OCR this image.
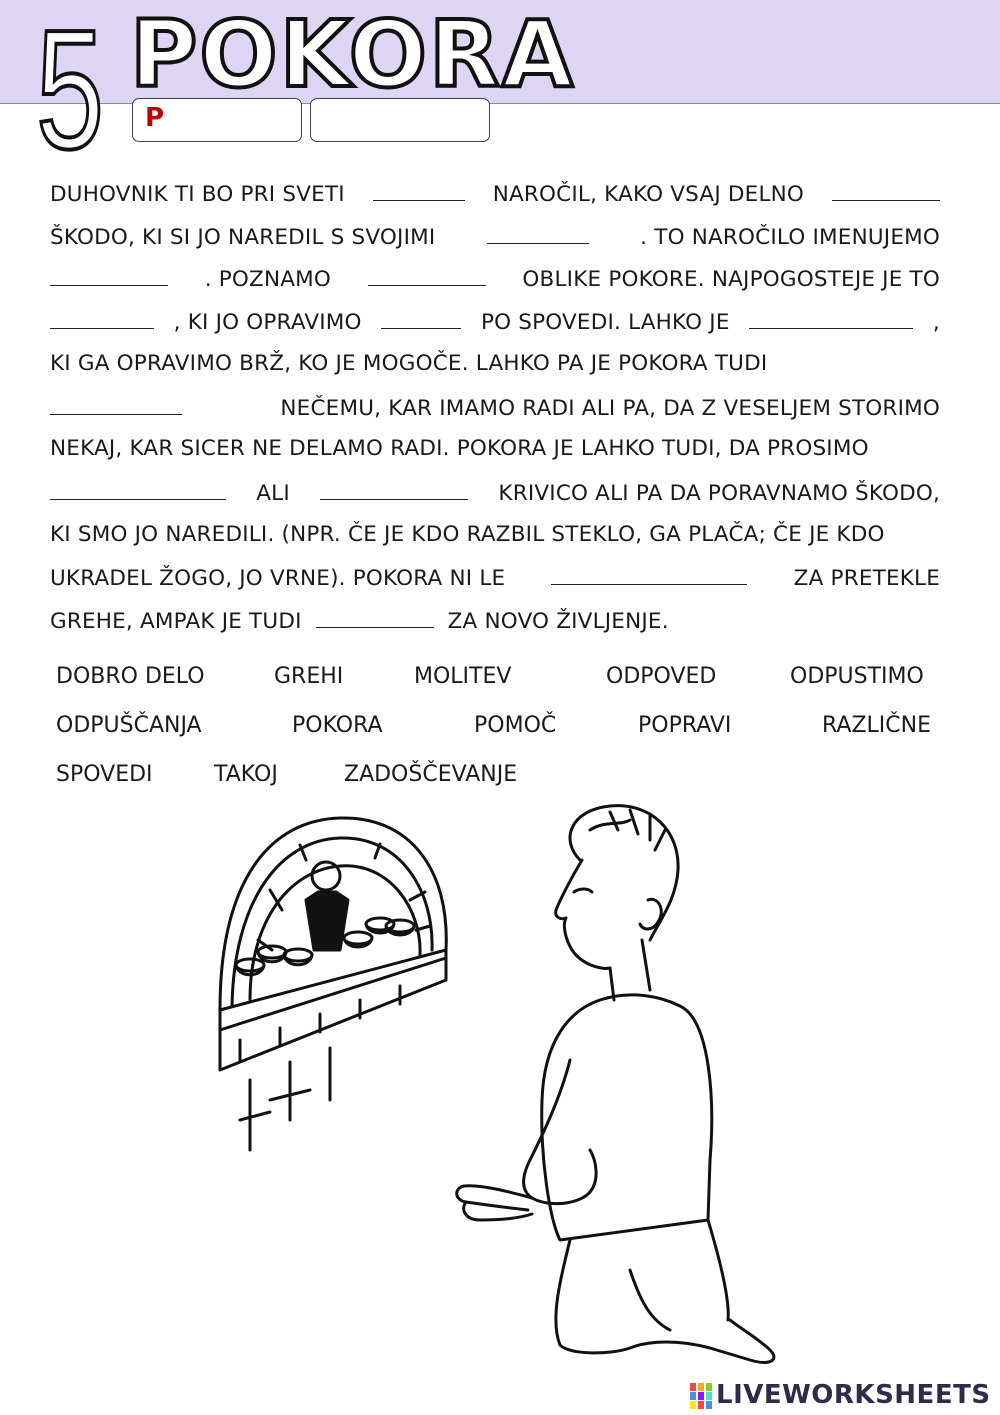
5 POKORA
P
DUHOVNIK TI BO PRI SVETI	NAROČIL, KAKO VSAJ DELNO
ŠKODO, KI SI JO NAREDIL S SVOJIMI	. TO NAROČILO IMENUJEMO
. POZNAMO	OBLIKE POKORE. NAJPOGOSTEJE JE TO
, KI JO OPRAVIMO	PO SPOVEDI. LAHKO JE	,
KI GA OPRAVIMO BRŽ, KO JE MOGOČE. LAHKO PA JE POKORA TUDI
NEČEMU, KAR IMAMO RADI ALI PA, DA Z VESELJEM STORIMO
NEKAJ, KAR SICER NE DELAMO RADI. POKORA JE LAHKO TUDI, DA PROSIMO
ALI	KRIVICO ALI PA DA PORAVNAMO ŠKODO,
KI SMO JO NAREDILI. (NPR. ČE JE KDO RAZBIL STEKLO, GA PLAČA; ČE JE KDO
UKRADEL ŽOGO, JO VRNE). POKORA NI LE	ZA PRETEKLE
GREHE, AMPAK JE TUDI	ZA NOVO ŽIVLJENJE.
DOBRO DELO	GREHI	MOLITEV	ODPOVED	ODPUSTIMO
ODPUŠČANJA	POKORA	POMOČ	POPRAVI	RAZLIČNE
SPOVEDI	TAKOJ	ZADOŠČEVANJE
LIVEWORKSHEETS
